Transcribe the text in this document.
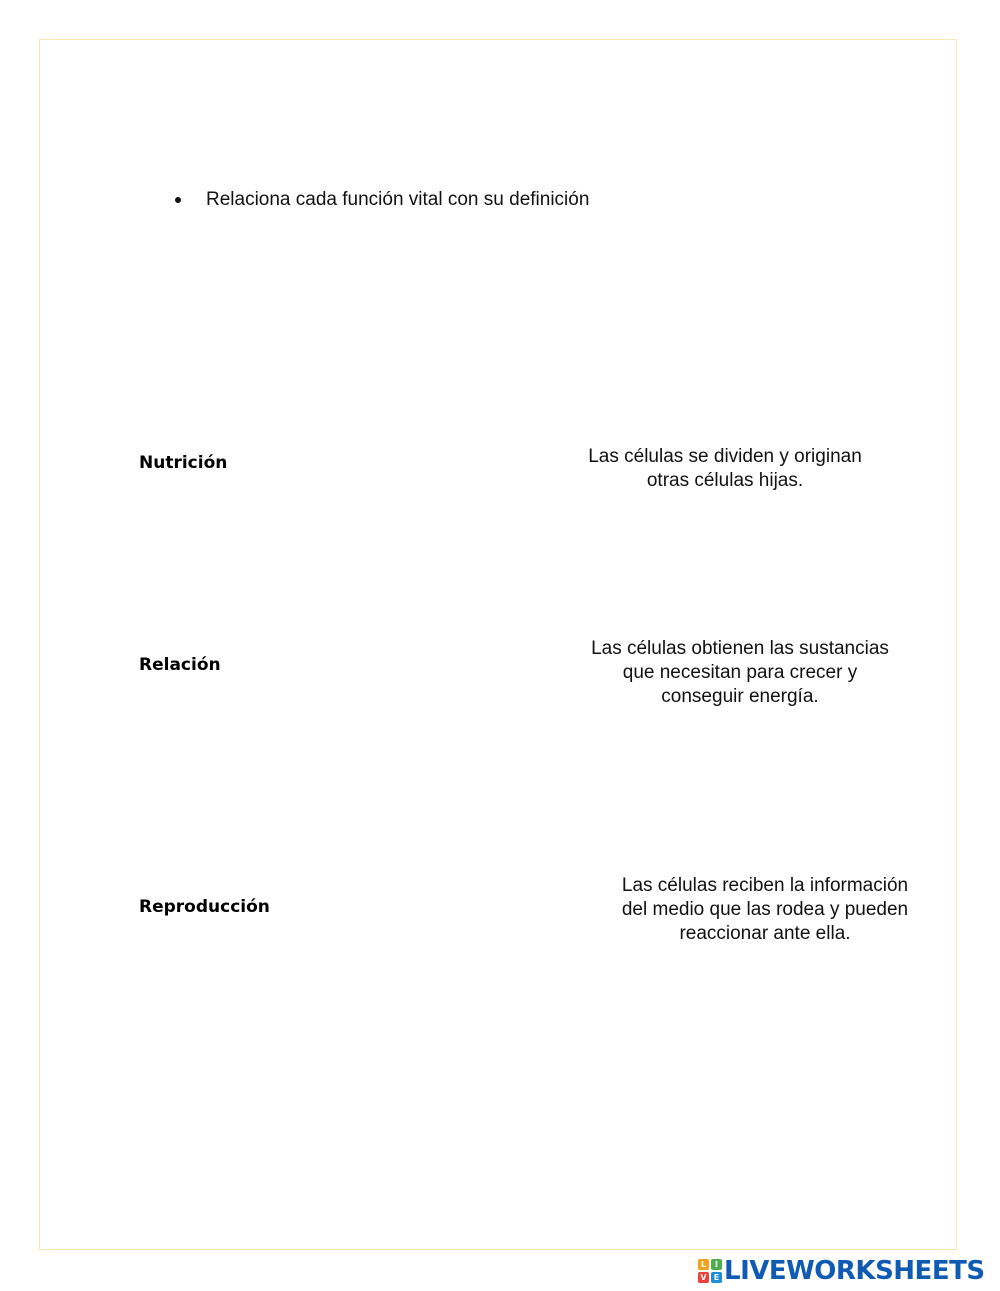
Relaciona cada función vital con su definición
Nutrición
Relación
Reproducción
Las células se dividen y originan
otras células hijas.
Las células obtienen las sustancias
que necesitan para crecer y
conseguir energía.
Las células reciben la información
del medio que las rodea y pueden
reaccionar ante ella.
L	I
V E LIVEWORKSHEETS
